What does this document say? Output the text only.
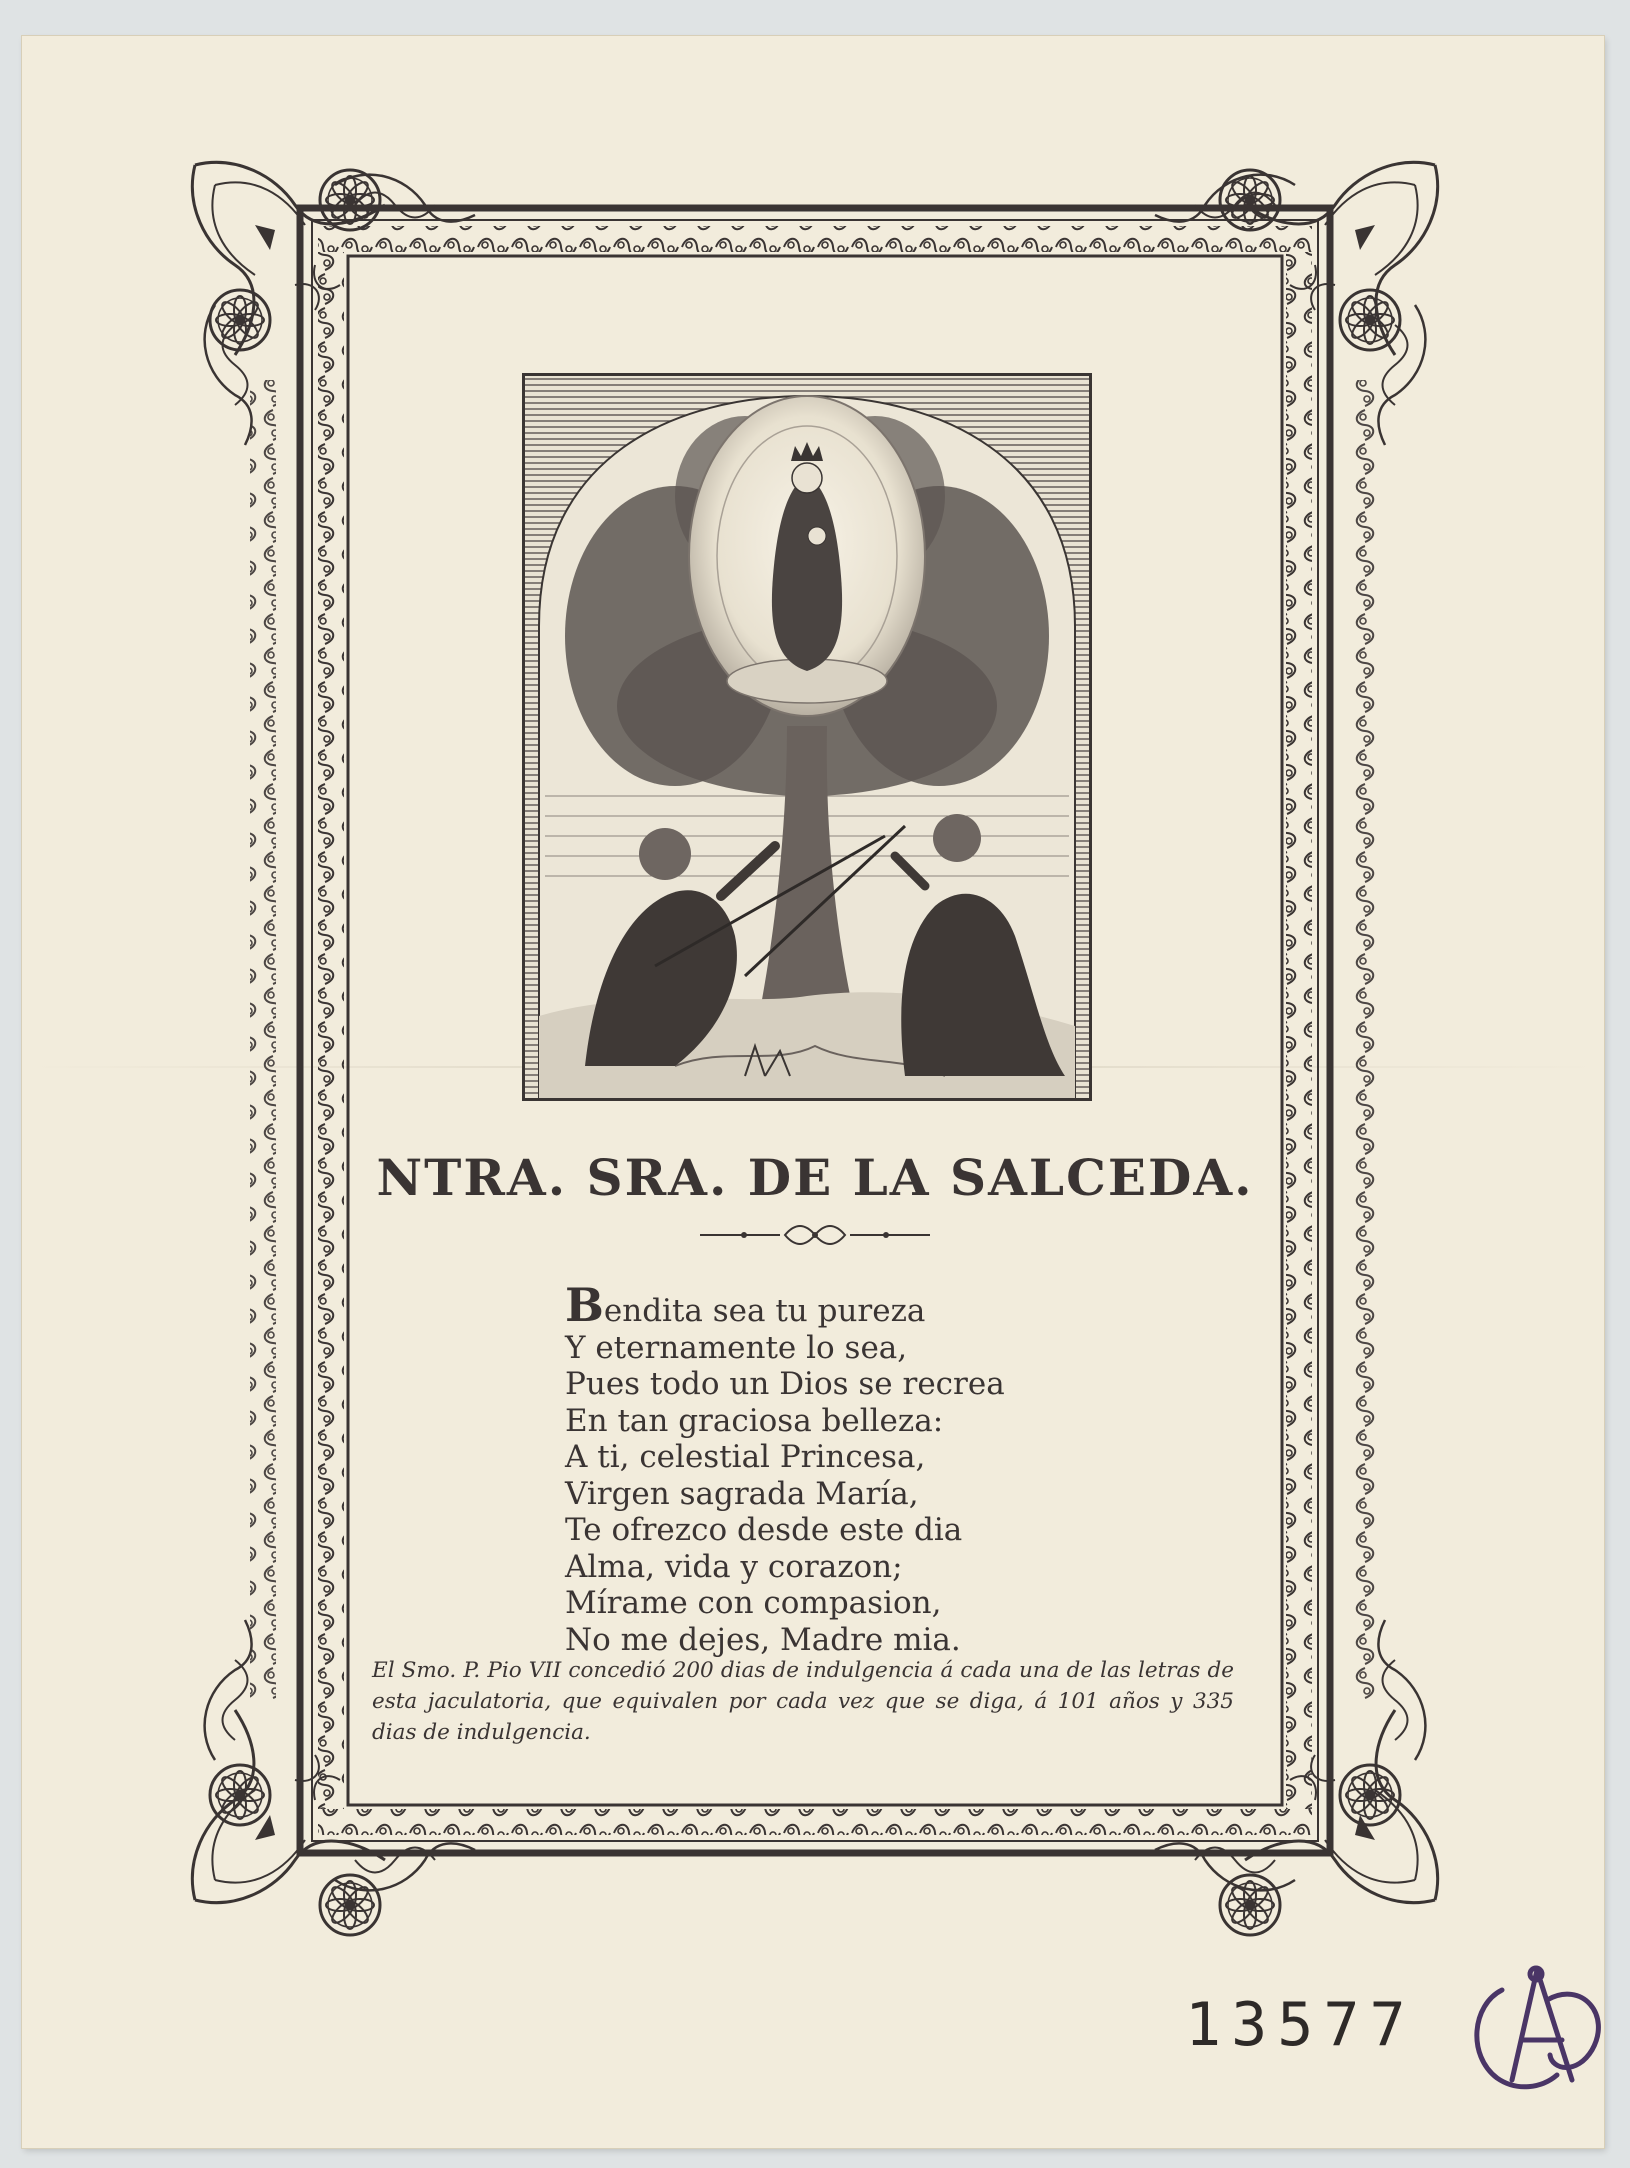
NTRA. SRA. DE LA SALCEDA.
Bendita sea tu pureza
Y eternamente lo sea,
Pues todo un Dios se recrea
En tan graciosa belleza:
A ti, celestial Princesa,
Virgen sagrada María,
Te ofrezco desde este dia
Alma, vida y corazon;
Mírame con compasion,
No me dejes, Madre mia.
El Smo. P. Pio VII concedió 200 dias de indulgencia á cada una de las letras de esta jaculatoria, que equivalen por cada vez que se diga, á 101 años y 335 dias de indulgencia.
13577
